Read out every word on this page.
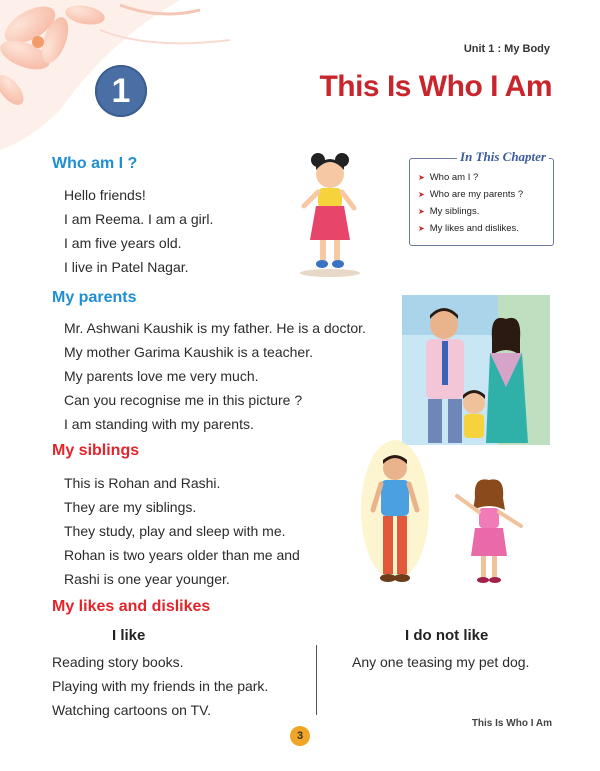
Unit 1 : My Body
1	This Is Who I Am
In This Chapter
➤ Who am I ?
➤ Who are my parents ?
➤ My siblings.
➤ My likes and dislikes.
Who am I ?
Hello friends!
I am Reema. I am a girl.
I am five years old.
I live in Patel Nagar.
My parents
Mr. Ashwani Kaushik is my father. He is a doctor.
My mother Garima Kaushik is a teacher.
My parents love me very much.
Can you recognise me in this picture ?
I am standing with my parents.
My siblings
This is Rohan and Rashi.
They are my siblings.
They study, play and sleep with me.
Rohan is two years older than me and
Rashi is one year younger.
My likes and dislikes
I like	I do not like
Reading story books.
Playing with my friends in the park.
Watching cartoons on TV.
Any one teasing my pet dog.
This Is Who I Am
3
